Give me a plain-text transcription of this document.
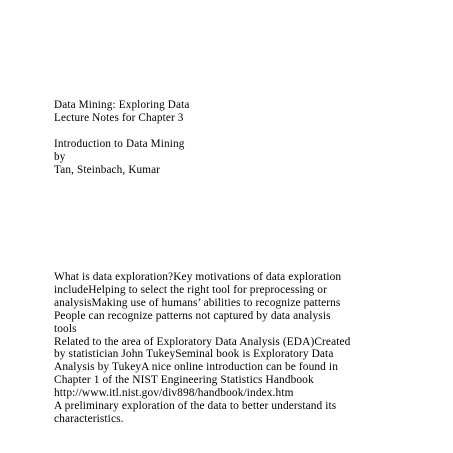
Data Mining: Exploring Data
Lecture Notes for Chapter 3
Introduction to Data Mining
by
Tan, Steinbach, Kumar
What is data exploration?Key motivations of data exploration
includeHelping to select the right tool for preprocessing or
analysisMaking use of humans’ abilities to recognize patterns
People can recognize patterns not captured by data analysis
tools
Related to the area of Exploratory Data Analysis (EDA)Created
by statistician John TukeySeminal book is Exploratory Data
Analysis by TukeyA nice online introduction can be found in
Chapter 1 of the NIST Engineering Statistics Handbook
http://www.itl.nist.gov/div898/handbook/index.htm
A preliminary exploration of the data to better understand its
characteristics.
